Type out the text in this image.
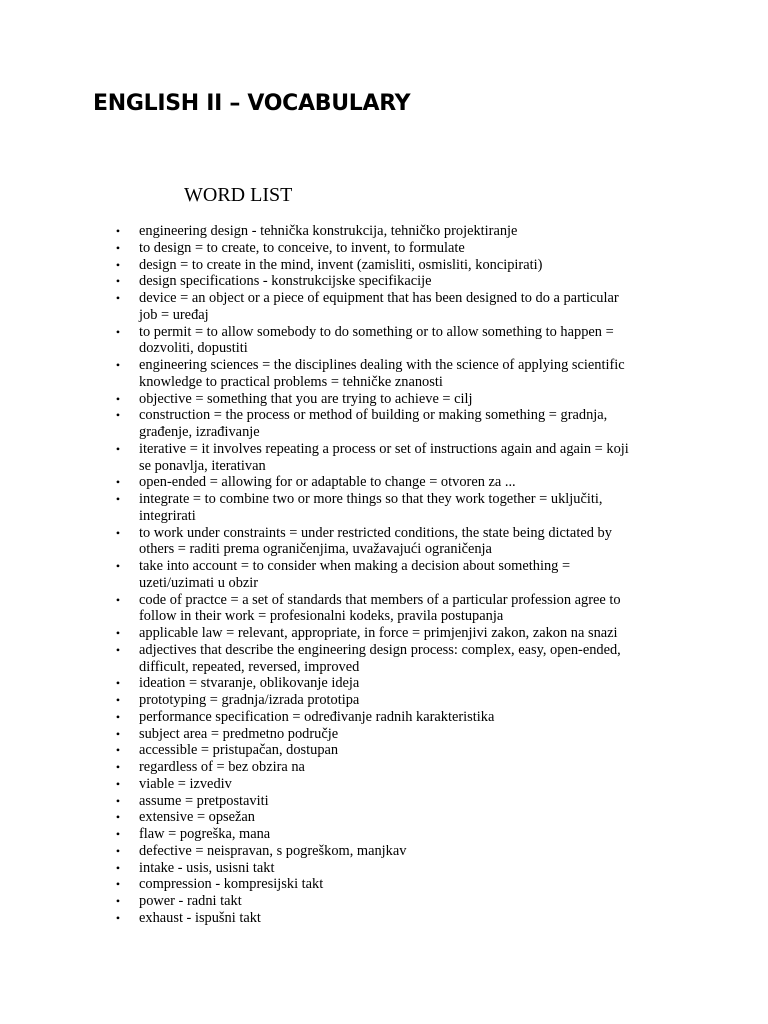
ENGLISH II – VOCABULARY
WORD LIST
• engineering design - tehnička konstrukcija, tehničko projektiranje
• to design = to create, to conceive, to invent, to formulate
• design = to create in the mind, invent (zamisliti, osmisliti, koncipirati)
• design specifications - konstrukcijske specifikacije
• device = an object or a piece of equipment that has been designed to do a particular
job = uređaj
• to permit = to allow somebody to do something or to allow something to happen =
dozvoliti, dopustiti
• engineering sciences = the disciplines dealing with the science of applying scientific
knowledge to practical problems = tehničke znanosti
• objective = something that you are trying to achieve = cilj
• construction = the process or method of building or making something = gradnja,
građenje, izrađivanje
• iterative = it involves repeating a process or set of instructions again and again = koji
se ponavlja, iterativan
• open-ended = allowing for or adaptable to change = otvoren za ...
• integrate = to combine two or more things so that they work together = uključiti,
integrirati
• to work under constraints = under restricted conditions, the state being dictated by
others = raditi prema ograničenjima, uvažavajući ograničenja
• take into account = to consider when making a decision about something =
uzeti/uzimati u obzir
• code of practce = a set of standards that members of a particular profession agree to
follow in their work = profesionalni kodeks, pravila postupanja
• applicable law = relevant, appropriate, in force = primjenjivi zakon, zakon na snazi
• adjectives that describe the engineering design process: complex, easy, open-ended,
difficult, repeated, reversed, improved
• ideation = stvaranje, oblikovanje ideja
• prototyping = gradnja/izrada prototipa
• performance specification = određivanje radnih karakteristika
• subject area = predmetno područje
• accessible = pristupačan, dostupan
• regardless of = bez obzira na
• viable = izvediv
• assume = pretpostaviti
• extensive = opsežan
• flaw = pogreška, mana
• defective = neispravan, s pogreškom, manjkav
• intake - usis, usisni takt
• compression - kompresijski takt
• power - radni takt
• exhaust - ispušni takt
